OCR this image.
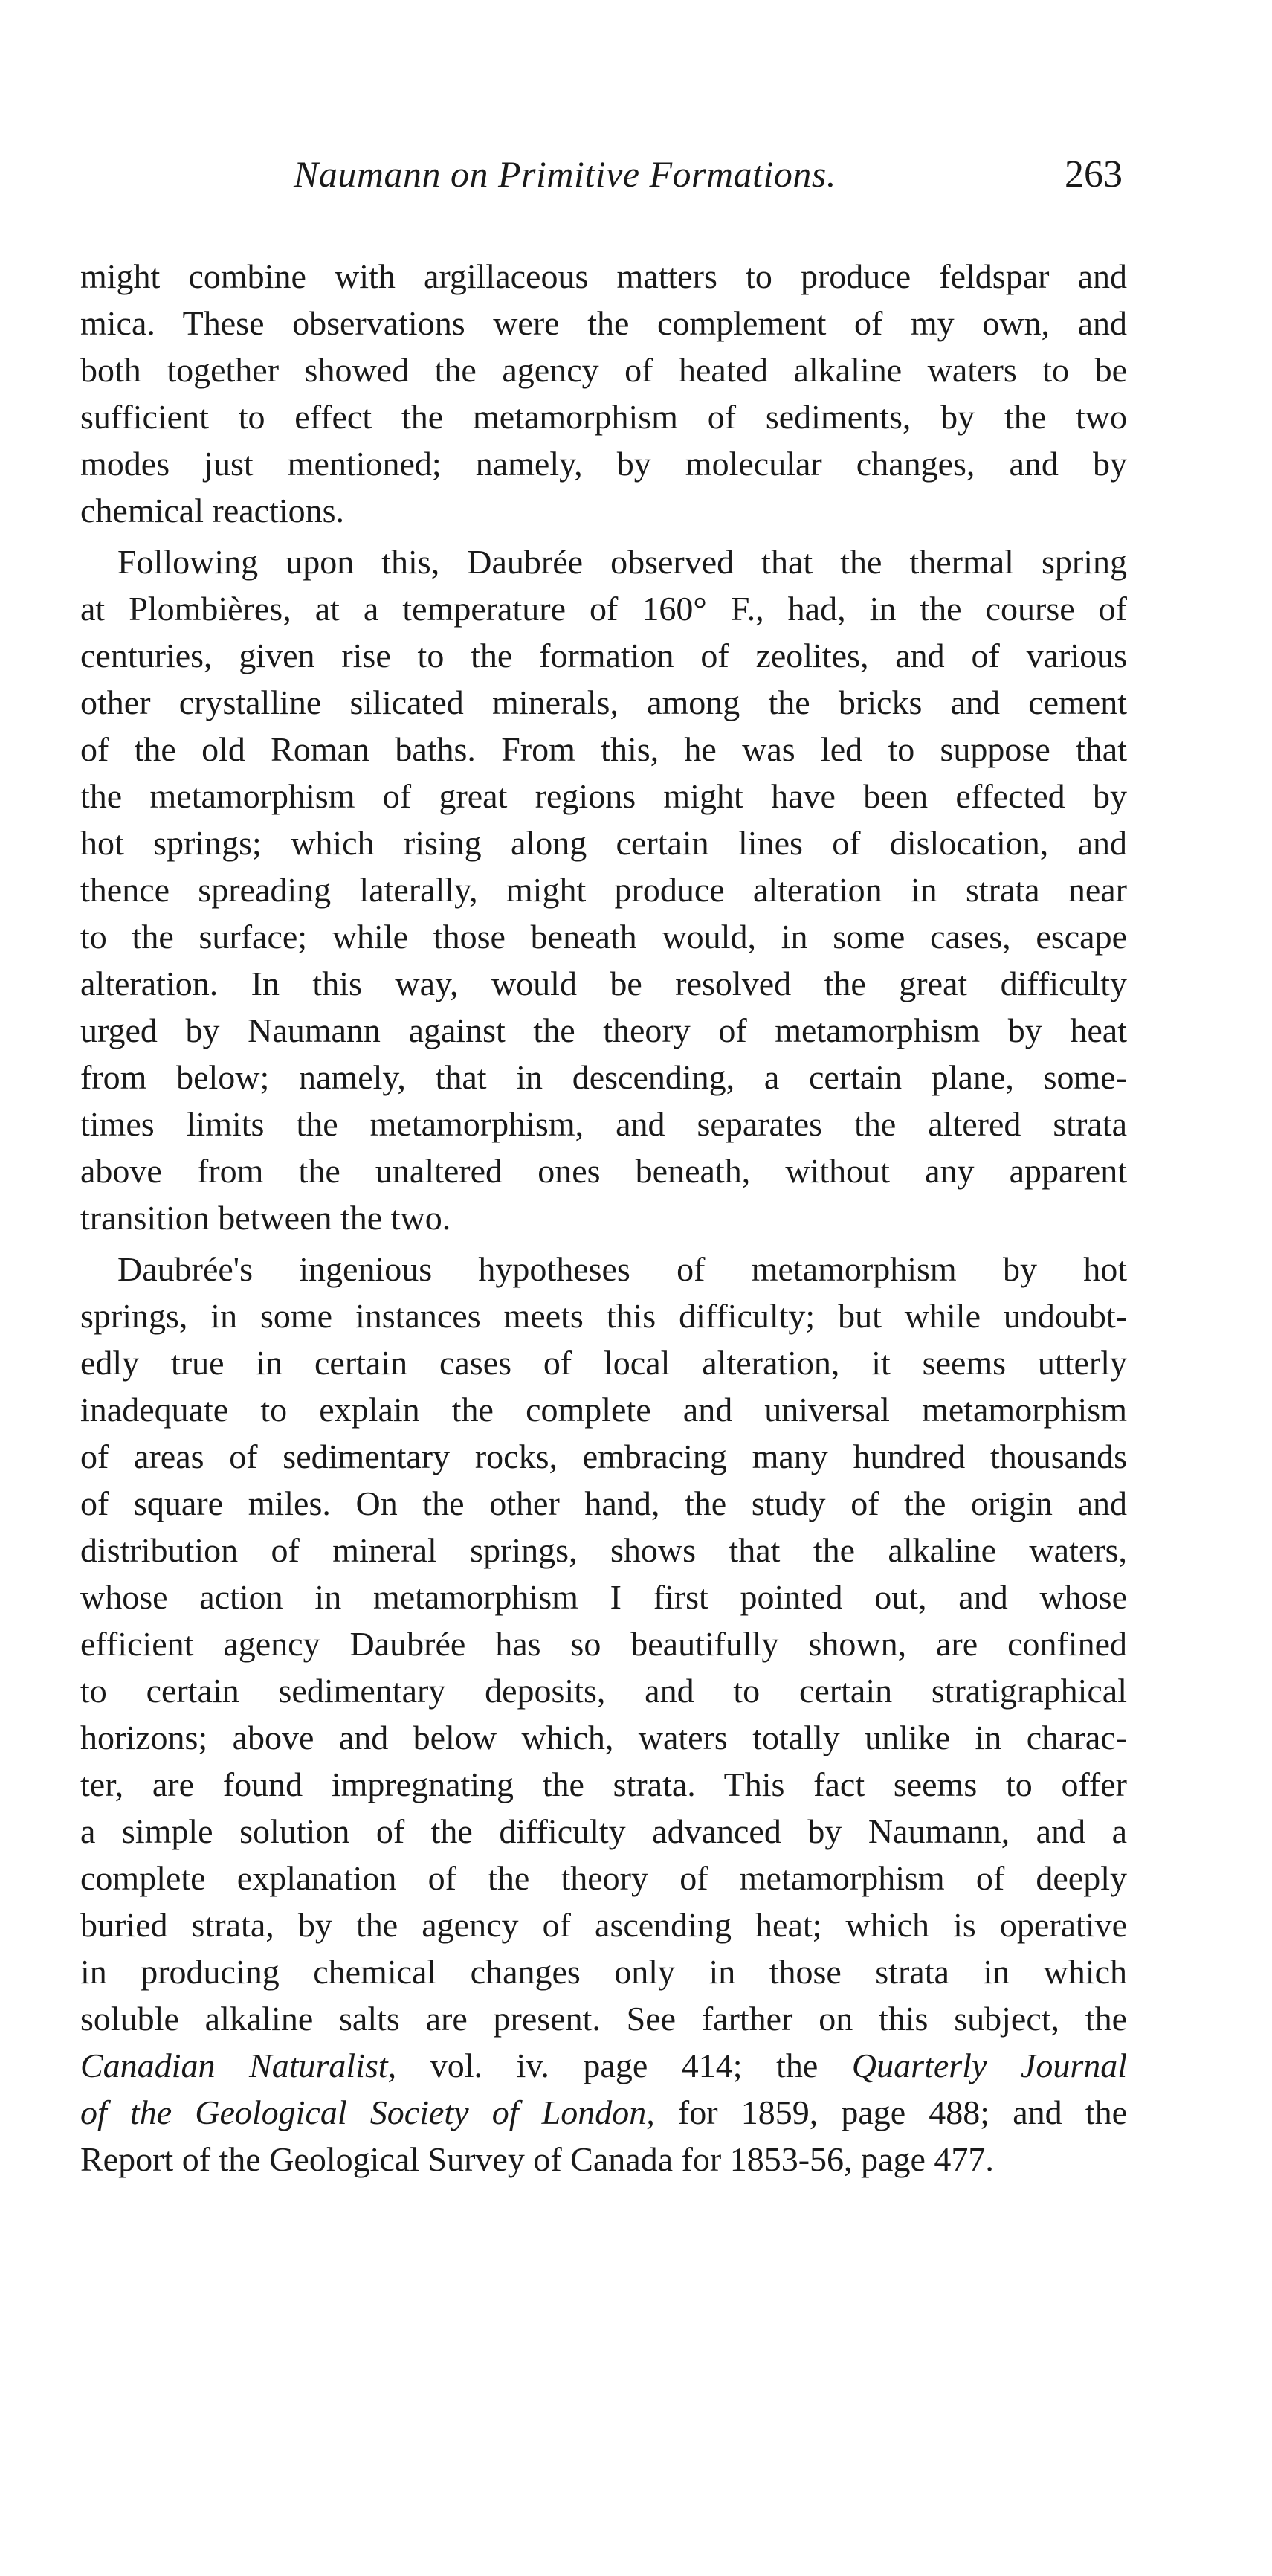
Naumann on Primitive Formations.	263
might combine with argillaceous matters to produce feldspar and
mica. These observations were the complement of my own, and
both together showed the agency of heated alkaline waters to be
sufficient to effect the metamorphism of sediments, by the two
modes just mentioned; namely, by molecular changes, and by
chemical reactions.
Following upon this, Daubrée observed that the thermal spring
at Plombières, at a temperature of 160° F., had, in the course of
centuries, given rise to the formation of zeolites, and of various
other crystalline silicated minerals, among the bricks and cement
of the old Roman baths. From this, he was led to suppose that
the metamorphism of great regions might have been effected by
hot springs; which rising along certain lines of dislocation, and
thence spreading laterally, might produce alteration in strata near
to the surface; while those beneath would, in some cases, escape
alteration. In this way, would be resolved the great difficulty
urged by Naumann against the theory of metamorphism by heat
from below; namely, that in descending, a certain plane, some-
times limits the metamorphism, and separates the altered strata
above from the unaltered ones beneath, without any apparent
transition between the two.
Daubrée's ingenious hypotheses of metamorphism by hot
springs, in some instances meets this difficulty; but while undoubt-
edly true in certain cases of local alteration, it seems utterly
inadequate to explain the complete and universal metamorphism
of areas of sedimentary rocks, embracing many hundred thousands
of square miles. On the other hand, the study of the origin and
distribution of mineral springs, shows that the alkaline waters,
whose action in metamorphism I first pointed out, and whose
efficient agency Daubrée has so beautifully shown, are confined
to certain sedimentary deposits, and to certain stratigraphical
horizons; above and below which, waters totally unlike in charac-
ter, are found impregnating the strata. This fact seems to offer
a simple solution of the difficulty advanced by Naumann, and a
complete explanation of the theory of metamorphism of deeply
buried strata, by the agency of ascending heat; which is operative
in producing chemical changes only in those strata in which
soluble alkaline salts are present. See farther on this subject, the
Canadian Naturalist, vol. iv. page 414; the Quarterly Journal
of the Geological Society of London, for 1859, page 488; and the
Report of the Geological Survey of Canada for 1853-56, page 477.
